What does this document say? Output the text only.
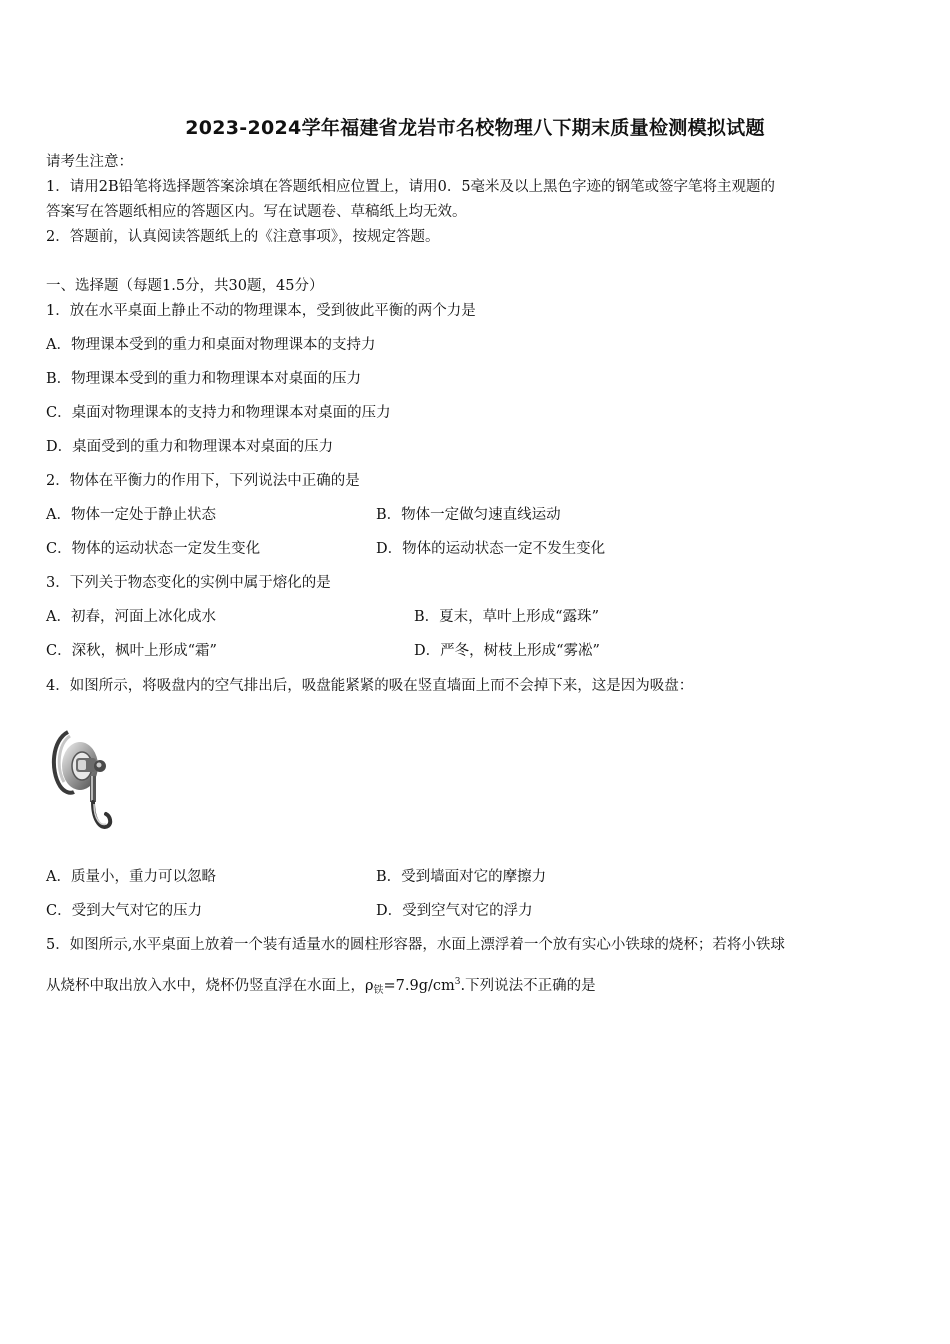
2023-2024学年福建省龙岩市名校物理八下期末质量检测模拟试题
请考生注意：
1．请用2B铅笔将选择题答案涂填在答题纸相应位置上，请用0．5毫米及以上黑色字迹的钢笔或签字笔将主观题的
答案写在答题纸相应的答题区内。写在试题卷、草稿纸上均无效。
2．答题前，认真阅读答题纸上的《注意事项》，按规定答题。
一、选择题（每题1.5分，共30题，45分）
1．放在水平桌面上静止不动的物理课本，受到彼此平衡的两个力是
A．物理课本受到的重力和桌面对物理课本的支持力
B．物理课本受到的重力和物理课本对桌面的压力
C．桌面对物理课本的支持力和物理课本对桌面的压力
D．桌面受到的重力和物理课本对桌面的压力
2．物体在平衡力的作用下，下列说法中正确的是
A．物体一定处于静止状态	B．物体一定做匀速直线运动
C．物体的运动状态一定发生变化	D．物体的运动状态一定不发生变化
3．下列关于物态变化的实例中属于熔化的是
A．初春，河面上冰化成水	B．夏末，草叶上形成“露珠”
C．深秋，枫叶上形成“霜”	D．严冬，树枝上形成“雾凇”
4．如图所示，将吸盘内的空气排出后，吸盘能紧紧的吸在竖直墙面上而不会掉下来，这是因为吸盘：
A．质量小，重力可以忽略	B．受到墙面对它的摩擦力
C．受到大气对它的压力	D．受到空气对它的浮力
5．如图所示,水平桌面上放着一个装有适量水的圆柱形容器，水面上漂浮着一个放有实心小铁球的烧杯；若将小铁球
从烧杯中取出放入水中，烧杯仍竖直浮在水面上，$\rho_铁=7.9g/cm^3$.下列说法不正确的是
